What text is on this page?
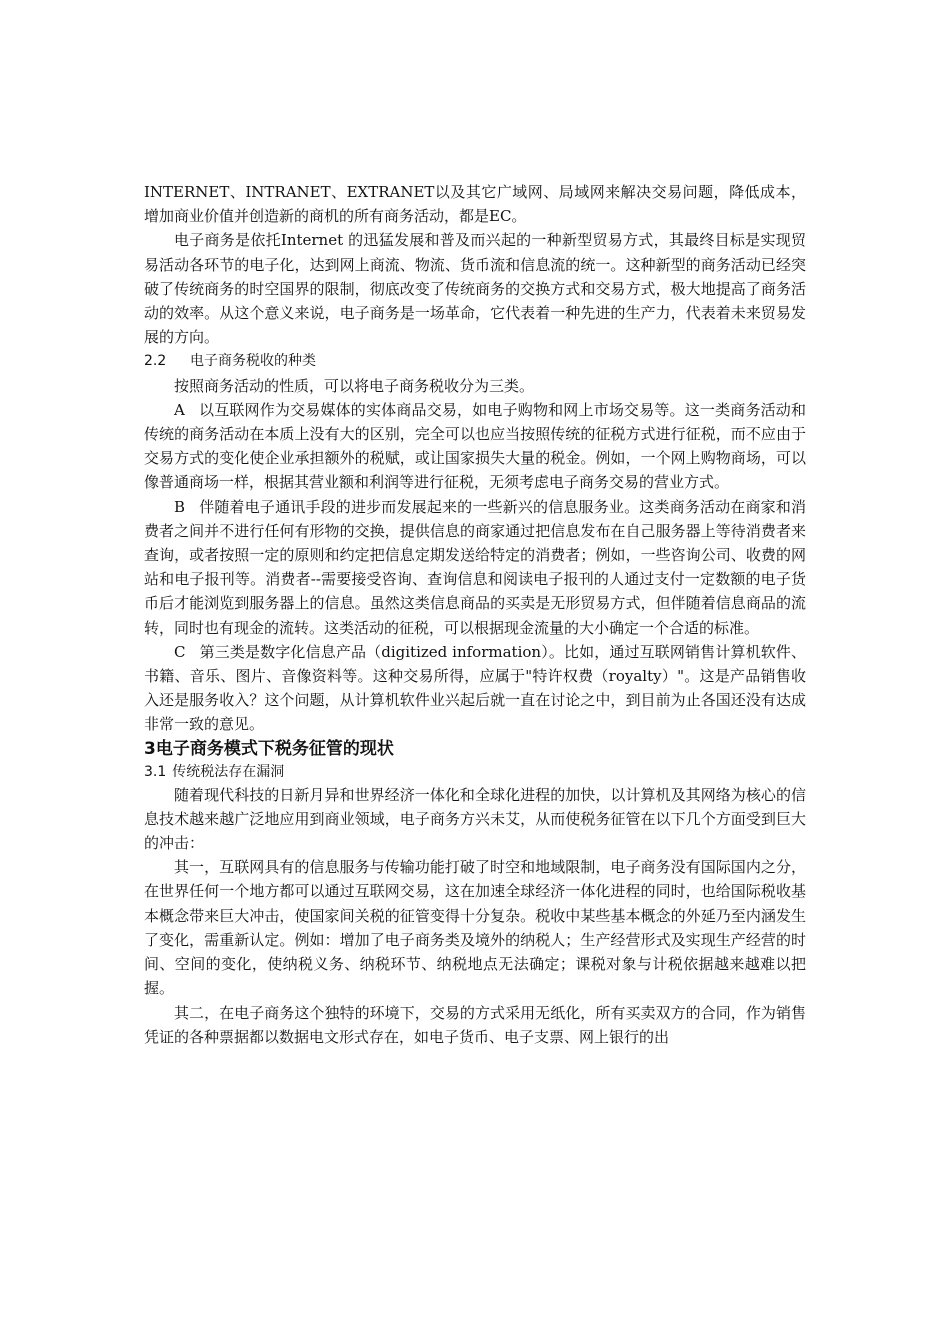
INTERNET、INTRANET、EXTRANET以及其它广域网、局域网来解决交易问题，降低成本，增加商业价值并创造新的商机的所有商务活动，都是EC。

电子商务是依托Internet 的迅猛发展和普及而兴起的一种新型贸易方式，其最终目标是实现贸易活动各环节的电子化，达到网上商流、物流、货币流和信息流的统一。这种新型的商务活动已经突破了传统商务的时空国界的限制，彻底改变了传统商务的交换方式和交易方式，极大地提高了商务活动的效率。从这个意义来说，电子商务是一场革命，它代表着一种先进的生产力，代表着未来贸易发展的方向。

2.2 电子商务税收的种类

按照商务活动的性质，可以将电子商务税收分为三类。

A 以互联网作为交易媒体的实体商品交易，如电子购物和网上市场交易等。这一类商务活动和传统的商务活动在本质上没有大的区别，完全可以也应当按照传统的征税方式进行征税，而不应由于交易方式的变化使企业承担额外的税赋，或让国家损失大量的税金。例如，一个网上购物商场，可以像普通商场一样，根据其营业额和利润等进行征税，无须考虑电子商务交易的营业方式。

B 伴随着电子通讯手段的进步而发展起来的一些新兴的信息服务业。这类商务活动在商家和消费者之间并不进行任何有形物的交换，提供信息的商家通过把信息发布在自己服务器上等待消费者来查询，或者按照一定的原则和约定把信息定期发送给特定的消费者；例如，一些咨询公司、收费的网站和电子报刊等。消费者--需要接受咨询、查询信息和阅读电子报刊的人通过支付一定数额的电子货币后才能浏览到服务器上的信息。虽然这类信息商品的买卖是无形贸易方式，但伴随着信息商品的流转，同时也有现金的流转。这类活动的征税，可以根据现金流量的大小确定一个合适的标准。

C 第三类是数字化信息产品（digitized information）。比如，通过互联网销售计算机软件、书籍、音乐、图片、音像资料等。这种交易所得，应属于"特许权费（royalty）"。这是产品销售收入还是服务收入？这个问题，从计算机软件业兴起后就一直在讨论之中，到目前为止各国还没有达成非常一致的意见。

3电子商务模式下税务征管的现状
3.1 传统税法存在漏洞

随着现代科技的日新月异和世界经济一体化和全球化进程的加快，以计算机及其网络为核心的信息技术越来越广泛地应用到商业领域，电子商务方兴未艾，从而使税务征管在以下几个方面受到巨大的冲击：

其一，互联网具有的信息服务与传输功能打破了时空和地域限制，电子商务没有国际国内之分，在世界任何一个地方都可以通过互联网交易，这在加速全球经济一体化进程的同时，也给国际税收基本概念带来巨大冲击，使国家间关税的征管变得十分复杂。税收中某些基本概念的外延乃至内涵发生了变化，需重新认定。例如：增加了电子商务类及境外的纳税人；生产经营形式及实现生产经营的时间、空间的变化，使纳税义务、纳税环节、纳税地点无法确定；课税对象与计税依据越来越难以把握。

其二，在电子商务这个独特的环境下，交易的方式采用无纸化，所有买卖双方的合同，作为销售凭证的各种票据都以数据电文形式存在，如电子货币、电子支票、网上银行的出
